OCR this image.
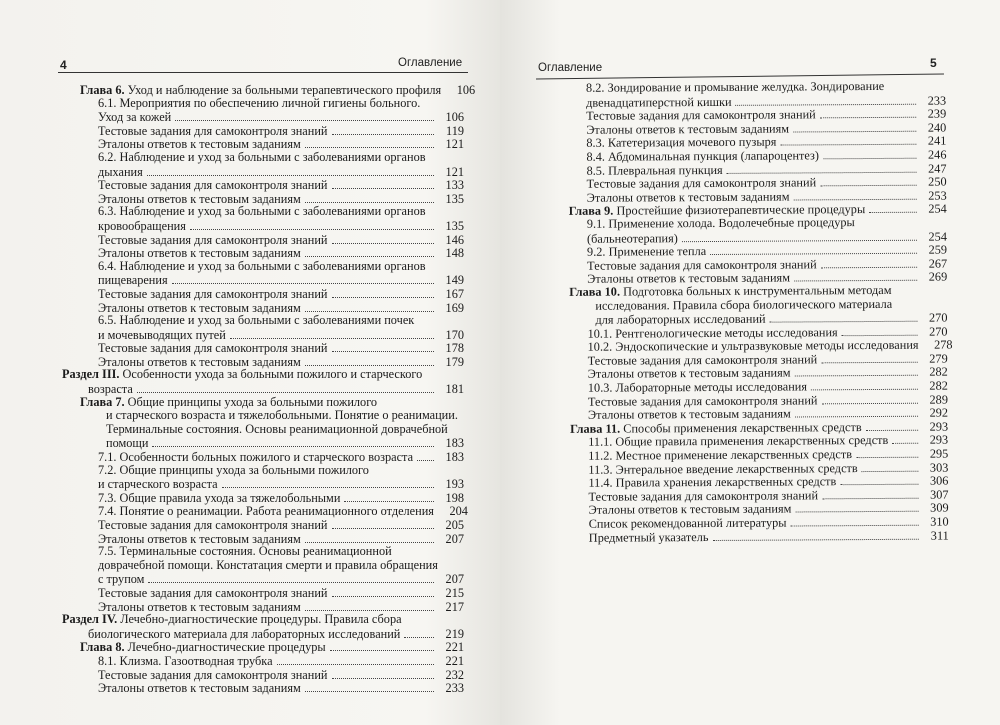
4	Оглавление
Глава 6. Уход и наблюдение за больными терапевтического профиля	106
6.1. Мероприятия по обеспечению личной гигиены больного.
Уход за кожей	106
Тестовые задания для самоконтроля знаний	119
Эталоны ответов к тестовым заданиям	121
6.2. Наблюдение и уход за больными с заболеваниями органов
дыхания	121
Тестовые задания для самоконтроля знаний	133
Эталоны ответов к тестовым заданиям	135
6.3. Наблюдение и уход за больными с заболеваниями органов
кровообращения	135
Тестовые задания для самоконтроля знаний	146
Эталоны ответов к тестовым заданиям	148
6.4. Наблюдение и уход за больными с заболеваниями органов
пищеварения	149
Тестовые задания для самоконтроля знаний	167
Эталоны ответов к тестовым заданиям	169
6.5. Наблюдение и уход за больными с заболеваниями почек
и мочевыводящих путей	170
Тестовые задания для самоконтроля знаний	178
Эталоны ответов к тестовым заданиям	179
Раздел III. Особенности ухода за больными пожилого и старческого
возраста	181
Глава 7. Общие принципы ухода за больными пожилого
и старческого возраста и тяжелобольными. Понятие о реанимации.
Терминальные состояния. Основы реанимационной доврачебной
помощи	183
7.1. Особенности больных пожилого и старческого возраста	183
7.2. Общие принципы ухода за больными пожилого
и старческого возраста	193
7.3. Общие правила ухода за тяжелобольными	198
7.4. Понятие о реанимации. Работа реанимационного отделения	204
Тестовые задания для самоконтроля знаний	205
Эталоны ответов к тестовым заданиям	207
7.5. Терминальные состояния. Основы реанимационной
доврачебной помощи. Констатация смерти и правила обращения
с трупом	207
Тестовые задания для самоконтроля знаний	215
Эталоны ответов к тестовым заданиям	217
Раздел IV. Лечебно-диагностические процедуры. Правила сбора
биологического материала для лабораторных исследований	219
Глава 8. Лечебно-диагностические процедуры	221
8.1. Клизма. Газоотводная трубка	221
Тестовые задания для самоконтроля знаний	232
Эталоны ответов к тестовым заданиям	233
Оглавление	5
8.2. Зондирование и промывание желудка. Зондирование
двенадцатиперстной кишки	233
Тестовые задания для самоконтроля знаний	239
Эталоны ответов к тестовым заданиям	240
8.3. Катетеризация мочевого пузыря	241
8.4. Абдоминальная пункция (лапароцентез)	246
8.5. Плевральная пункция	247
Тестовые задания для самоконтроля знаний	250
Эталоны ответов к тестовым заданиям	253
Глава 9. Простейшие физиотерапевтические процедуры	254
9.1. Применение холода. Водолечебные процедуры
(бальнеотерапия)	254
9.2. Применение тепла	259
Тестовые задания для самоконтроля знаний	267
Эталоны ответов к тестовым заданиям	269
Глава 10. Подготовка больных к инструментальным методам
исследования. Правила сбора биологического материала
для лабораторных исследований	270
10.1. Рентгенологические методы исследования	270
10.2. Эндоскопические и ультразвуковые методы исследования	278
Тестовые задания для самоконтроля знаний	279
Эталоны ответов к тестовым заданиям	282
10.3. Лабораторные методы исследования	282
Тестовые задания для самоконтроля знаний	289
Эталоны ответов к тестовым заданиям	292
Глава 11. Способы применения лекарственных средств	293
11.1. Общие правила применения лекарственных средств	293
11.2. Местное применение лекарственных средств	295
11.3. Энтеральное введение лекарственных средств	303
11.4. Правила хранения лекарственных средств	306
Тестовые задания для самоконтроля знаний	307
Эталоны ответов к тестовым заданиям	309
Список рекомендованной литературы	310
Предметный указатель	311
